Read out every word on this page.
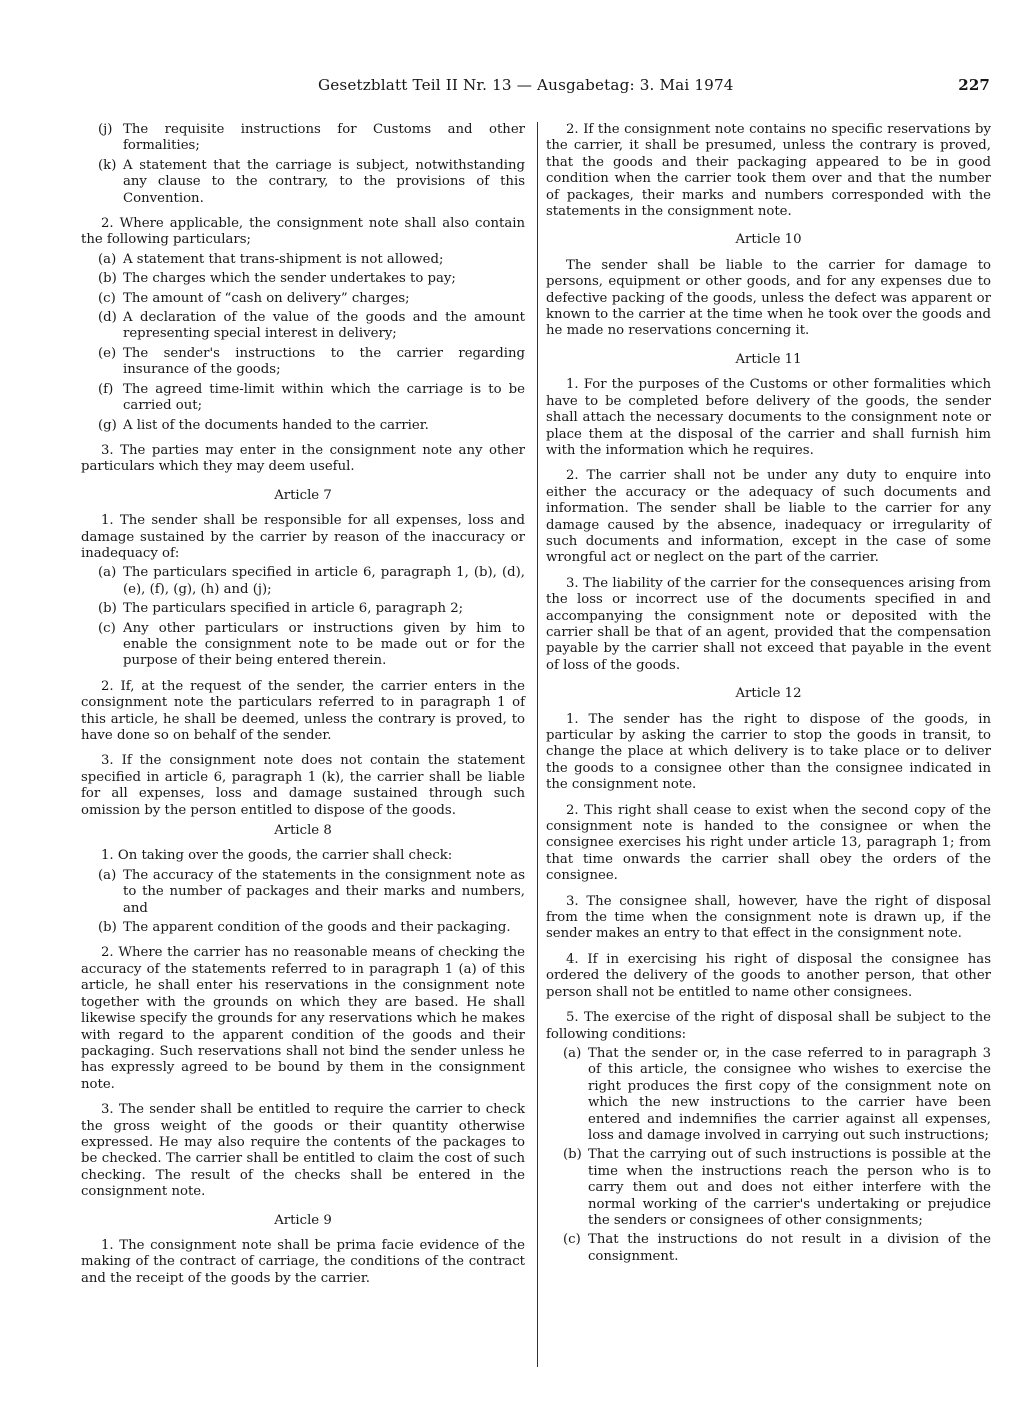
Gesetzblatt Teil II Nr. 13 — Ausgabetag: 3. Mai 1974	227
(j) The requisite instructions for Customs and other formalities;
(k) A statement that the carriage is subject, notwithstanding any clause to the contrary, to the provisions of this Convention.

2. Where applicable, the consignment note shall also contain the following particulars;

(a) A statement that trans-shipment is not allowed;
(b) The charges which the sender undertakes to pay;
(c) The amount of “cash on delivery” charges;
(d) A declaration of the value of the goods and the amount representing special interest in delivery;
(e) The sender's instructions to the carrier regarding insurance of the goods;
(f) The agreed time-limit within which the carriage is to be carried out;
(g) A list of the documents handed to the carrier.

3. The parties may enter in the consignment note any other particulars which they may deem useful.

Article 7

1. The sender shall be responsible for all expenses, loss and damage sustained by the carrier by reason of the inaccuracy or inadequacy of:

(a) The particulars specified in article 6, paragraph 1, (b), (d), (e), (f), (g), (h) and (j);
(b) The particulars specified in article 6, paragraph 2;
(c) Any other particulars or instructions given by him to enable the consignment note to be made out or for the purpose of their being entered therein.

2. If, at the request of the sender, the carrier enters in the consignment note the particulars referred to in paragraph 1 of this article, he shall be deemed, unless the contrary is proved, to have done so on behalf of the sender.

3. If the consignment note does not contain the statement specified in article 6, paragraph 1 (k), the carrier shall be liable for all expenses, loss and damage sustained through such omission by the person entitled to dispose of the goods.

Article 8

1. On taking over the goods, the carrier shall check:

(a) The accuracy of the statements in the consignment note as to the number of packages and their marks and numbers, and
(b) The apparent condition of the goods and their packaging.

2. Where the carrier has no reasonable means of checking the accuracy of the statements referred to in paragraph 1 (a) of this article, he shall enter his reservations in the consignment note together with the grounds on which they are based. He shall likewise specify the grounds for any reservations which he makes with regard to the apparent condition of the goods and their packaging. Such reservations shall not bind the sender unless he has expressly agreed to be bound by them in the consignment note.

3. The sender shall be entitled to require the carrier to check the gross weight of the goods or their quantity otherwise expressed. He may also require the contents of the packages to be checked. The carrier shall be entitled to claim the cost of such checking. The result of the checks shall be entered in the consignment note.

Article 9

1. The consignment note shall be prima facie evidence of the making of the contract of carriage, the conditions of the contract and the receipt of the goods by the carrier.

2. If the consignment note contains no specific reservations by the carrier, it shall be presumed, unless the contrary is proved, that the goods and their packaging appeared to be in good condition when the carrier took them over and that the number of packages, their marks and numbers corresponded with the statements in the consignment note.

Article 10

The sender shall be liable to the carrier for damage to persons, equipment or other goods, and for any expenses due to defective packing of the goods, unless the defect was apparent or known to the carrier at the time when he took over the goods and he made no reservations concerning it.

Article 11

1. For the purposes of the Customs or other formalities which have to be completed before delivery of the goods, the sender shall attach the necessary documents to the consignment note or place them at the disposal of the carrier and shall furnish him with the information which he requires.

2. The carrier shall not be under any duty to enquire into either the accuracy or the adequacy of such documents and information. The sender shall be liable to the carrier for any damage caused by the absence, inadequacy or irregularity of such documents and information, except in the case of some wrongful act or neglect on the part of the carrier.

3. The liability of the carrier for the consequences arising from the loss or incorrect use of the documents specified in and accompanying the consignment note or deposited with the carrier shall be that of an agent, provided that the compensation payable by the carrier shall not exceed that payable in the event of loss of the goods.

Article 12

1. The sender has the right to dispose of the goods, in particular by asking the carrier to stop the goods in transit, to change the place at which delivery is to take place or to deliver the goods to a consignee other than the consignee indicated in the consignment note.

2. This right shall cease to exist when the second copy of the consignment note is handed to the consignee or when the consignee exercises his right under article 13, paragraph 1; from that time onwards the carrier shall obey the orders of the consignee.

3. The consignee shall, however, have the right of disposal from the time when the consignment note is drawn up, if the sender makes an entry to that effect in the consignment note.

4. If in exercising his right of disposal the consignee has ordered the delivery of the goods to another person, that other person shall not be entitled to name other consignees.

5. The exercise of the right of disposal shall be subject to the following conditions:

(a) That the sender or, in the case referred to in paragraph 3 of this article, the consignee who wishes to exercise the right produces the first copy of the consignment note on which the new instructions to the carrier have been entered and indemnifies the carrier against all expenses, loss and damage involved in carrying out such instructions;
(b) That the carrying out of such instructions is possible at the time when the instructions reach the person who is to carry them out and does not either interfere with the normal working of the carrier's undertaking or prejudice the senders or consignees of other consignments;
(c) That the instructions do not result in a division of the consignment.
